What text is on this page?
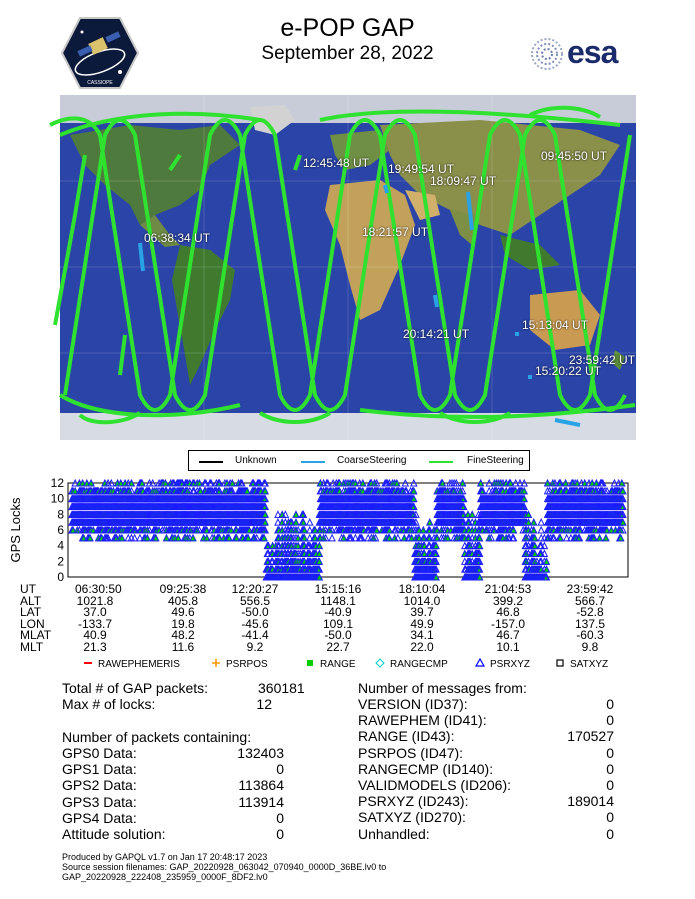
e-POP GAP
September 28, 2022
CASSIOPE
esa
12:45:48 UT 19:49:54 UT
18:09:47 UT
09:45:50 UT
06:38:34 UT	18:21:57 UT
20:14:21 UT
15:13:04 UT
23:59:42 UT
15:20:22 UT
Unknown	CoarseSteering	FineSteering
GPS Locks
12
10
8
6
4
2
0
RAWEPHEMERIS	PSRPOS	RANGE	RANGECMP	PSRXYZ	SATXYZ
UT	06:30:50	09:25:38	12:20:27	15:15:16	18:10:04	21:04:53	23:59:42
ALT	1021.8	405.8	556.5	1148.1	1014.0	399.2	566.7
LAT	37.0	49.6	-50.0	-40.9	39.7	46.8	-52.8
LON	-133.7	19.8	-45.6	109.1	49.9	-157.0	137.5
MLAT	40.9	48.2	-41.4	-50.0	34.1	46.7	-60.3
MLT	21.3	11.6	9.2	22.7	22.0	10.1	9.8
Total # of GAP packets:	360181
Max # of locks:	12
Number of packets containing:
GPS0 Data:	132403
GPS1 Data:	0
GPS2 Data:	113864
GPS3 Data:	113914
GPS4 Data:	0
Attitude solution:	0
Number of messages from:
VERSION (ID37):	0
RAWEPHEM (ID41):	0
RANGE (ID43):	170527
PSRPOS (ID47):	0
RANGECMP (ID140):	0
VALIDMODELS (ID206):	0
PSRXYZ (ID243):	189014
SATXYZ (ID270):	0
Unhandled:	0
Produced by GAPQL v1.7 on Jan 17 20:48:17 2023
Source session filenames: GAP_20220928_063042_070940_0000D_36BE.lv0 to
GAP_20220928_222408_235959_0000F_8DF2.lv0
